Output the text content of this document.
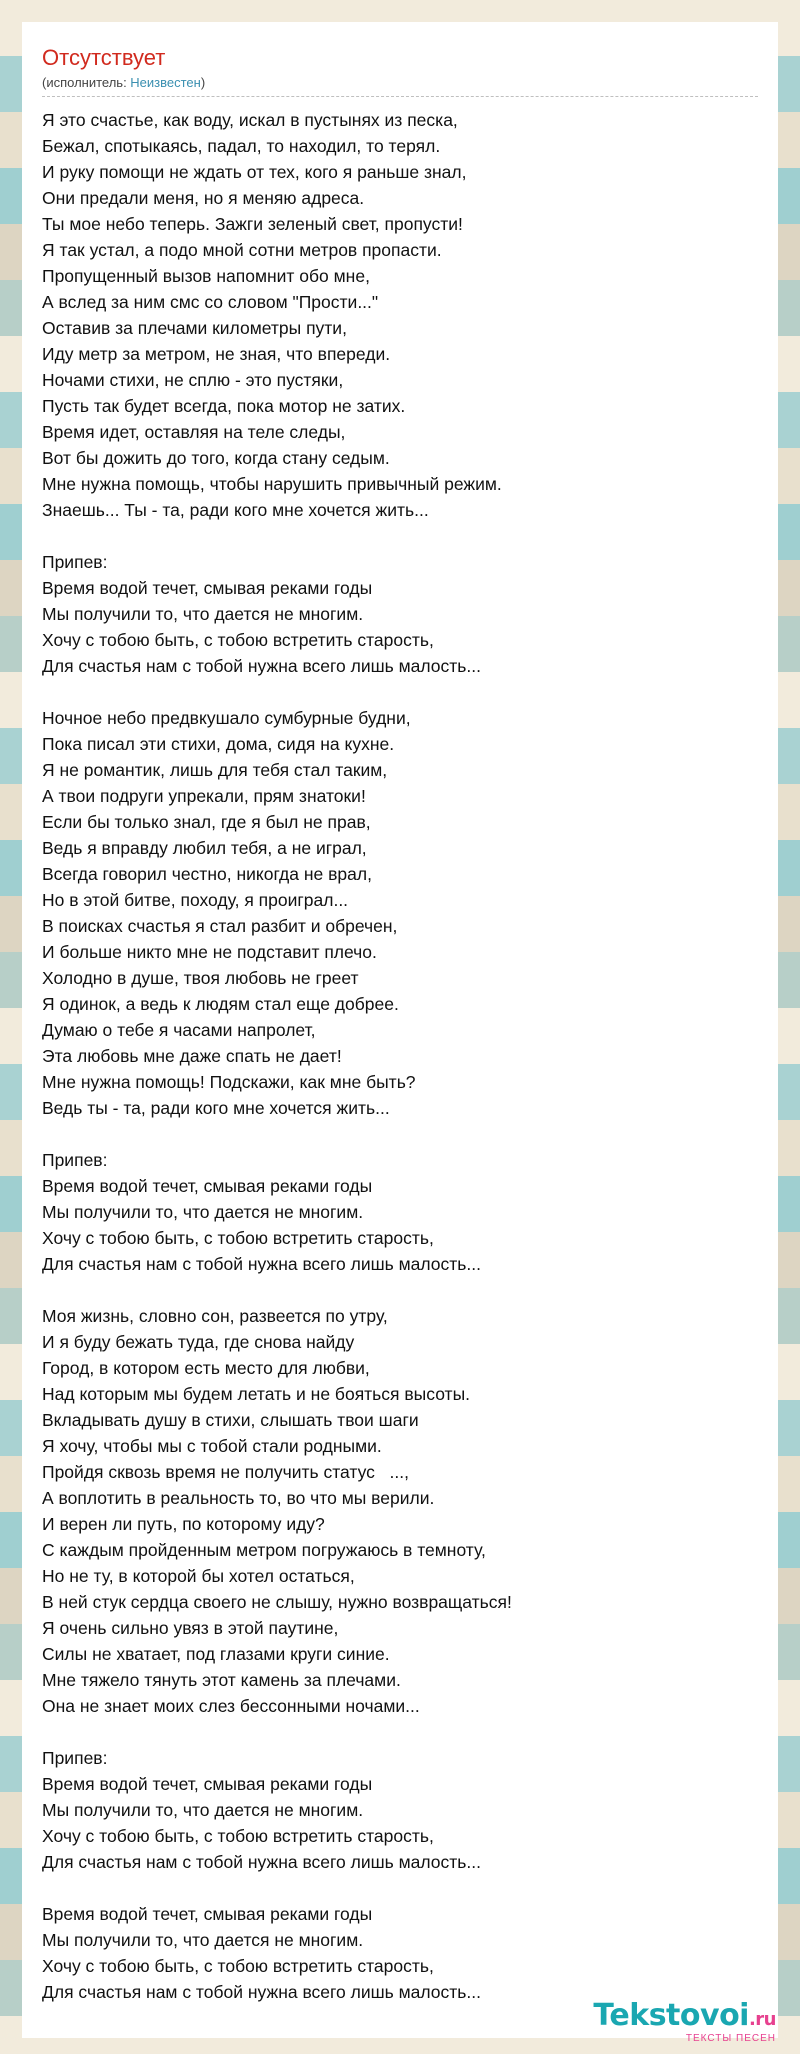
Отсутствует
(исполнитель: Неизвестен)
Я это счастье, как воду, искал в пустынях из песка,
Бежал, спотыкаясь, падал, то находил, то терял.
И руку помощи не ждать от тех, кого я раньше знал,
Они предали меня, но я меняю адреса.
Ты мое небо теперь. Зажги зеленый свет, пропусти!
Я так устал, а подо мной сотни метров пропасти.
Пропущенный вызов напомнит обо мне,
А вслед за ним смс со словом "Прости..."
Оставив за плечами километры пути,
Иду метр за метром, не зная, что впереди.
Ночами стихи, не сплю - это пустяки,
Пусть так будет всегда, пока мотор не затих.
Время идет, оставляя на теле следы,
Вот бы дожить до того, когда стану седым.
Мне нужна помощь, чтобы нарушить привычный режим.
Знаешь... Ты - та, ради кого мне хочется жить...
Припев:
Время водой течет, смывая реками годы
Мы получили то, что дается не многим.
Хочу с тобою быть, с тобою встретить старость,
Для счастья нам с тобой нужна всего лишь малость...
Ночное небо предвкушало сумбурные будни,
Пока писал эти стихи, дома, сидя на кухне.
Я не романтик, лишь для тебя стал таким,
А твои подруги упрекали, прям знатоки!
Если бы только знал, где я был не прав,
Ведь я вправду любил тебя, а не играл,
Всегда говорил честно, никогда не врал,
Но в этой битве, походу, я проиграл...
В поисках счастья я стал разбит и обречен,
И больше никто мне не подставит плечо.
Холодно в душе, твоя любовь не греет
Я одинок, а ведь к людям стал еще добрее.
Думаю о тебе я часами напролет,
Эта любовь мне даже спать не дает!
Мне нужна помощь! Подскажи, как мне быть?
Ведь ты - та, ради кого мне хочется жить...
Припев:
Время водой течет, смывая реками годы
Мы получили то, что дается не многим.
Хочу с тобою быть, с тобою встретить старость,
Для счастья нам с тобой нужна всего лишь малость...
Моя жизнь, словно сон, развеется по утру,
И я буду бежать туда, где снова найду
Город, в котором есть место для любви,
Над которым мы будем летать и не бояться высоты.
Вкладывать душу в стихи, слышать твои шаги
Я хочу, чтобы мы с тобой стали родными.
Пройдя сквозь время не получить статус   ...,
А воплотить в реальность то, во что мы верили.
И верен ли путь, по которому иду?
С каждым пройденным метром погружаюсь в темноту,
Но не ту, в которой бы хотел остаться,
В ней стук сердца своего не слышу, нужно возвращаться!
Я очень сильно увяз в этой паутине,
Силы не хватает, под глазами круги синие.
Мне тяжело тянуть этот камень за плечами.
Она не знает моих слез бессонными ночами...
Припев:
Время водой течет, смывая реками годы
Мы получили то, что дается не многим.
Хочу с тобою быть, с тобою встретить старость,
Для счастья нам с тобой нужна всего лишь малость...
Время водой течет, смывая реками годы
Мы получили то, что дается не многим.
Хочу с тобою быть, с тобою встретить старость,
Для счастья нам с тобой нужна всего лишь малость...
Tekstovoi.ru
ТЕКСТЫ ПЕСЕН
